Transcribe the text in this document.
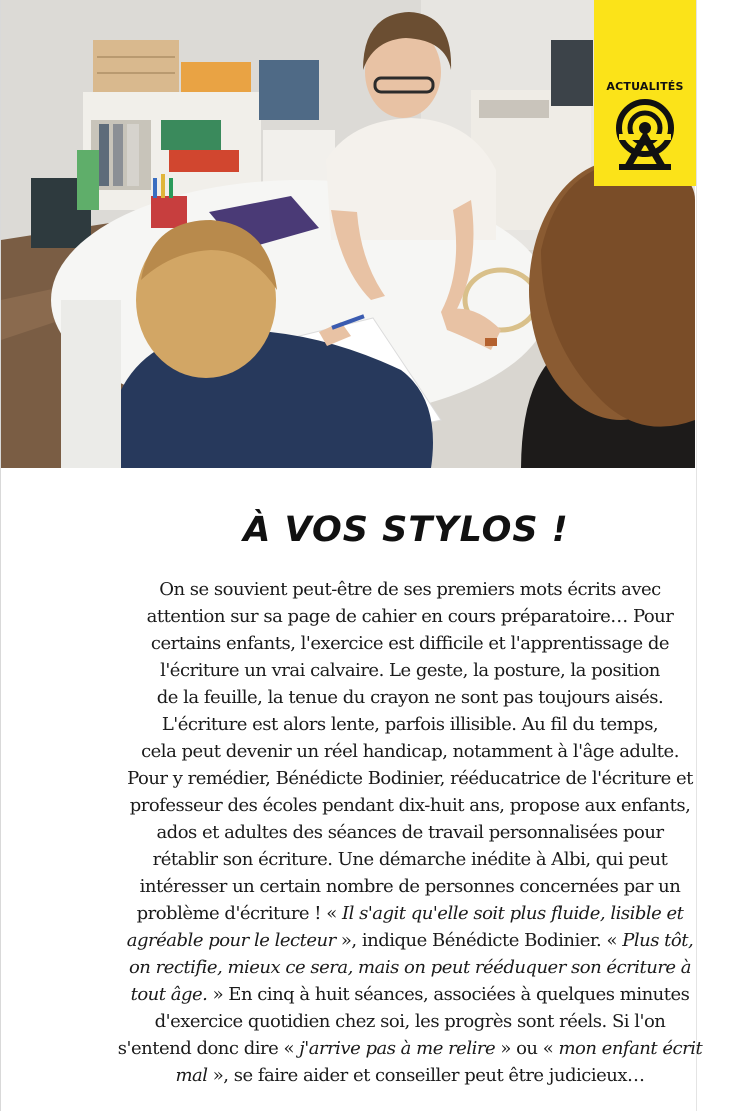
ACTUALITÉS
À VOS STYLOS !
On se souvient peut-être de ses premiers mots écrits avec
attention sur sa page de cahier en cours préparatoire… Pour
certains enfants, l'exercice est difficile et l'apprentissage de
l'écriture un vrai calvaire. Le geste, la posture, la position
de la feuille, la tenue du crayon ne sont pas toujours aisés.
L'écriture est alors lente, parfois illisible. Au fil du temps,
cela peut devenir un réel handicap, notamment à l'âge adulte.
Pour y remédier, Bénédicte Bodinier, rééducatrice de l'écriture et
professeur des écoles pendant dix-huit ans, propose aux enfants,
ados et adultes des séances de travail personnalisées pour
rétablir son écriture. Une démarche inédite à Albi, qui peut
intéresser un certain nombre de personnes concernées par un
problème d'écriture ! « Il s'agit qu'elle soit plus fluide, lisible et
agréable pour le lecteur », indique Bénédicte Bodinier. « Plus tôt,
on rectifie, mieux ce sera, mais on peut rééduquer son écriture à
tout âge. » En cinq à huit séances, associées à quelques minutes
d'exercice quotidien chez soi, les progrès sont réels. Si l'on
s'entend donc dire « j'arrive pas à me relire » ou « mon enfant écrit
mal », se faire aider et conseiller peut être judicieux…
